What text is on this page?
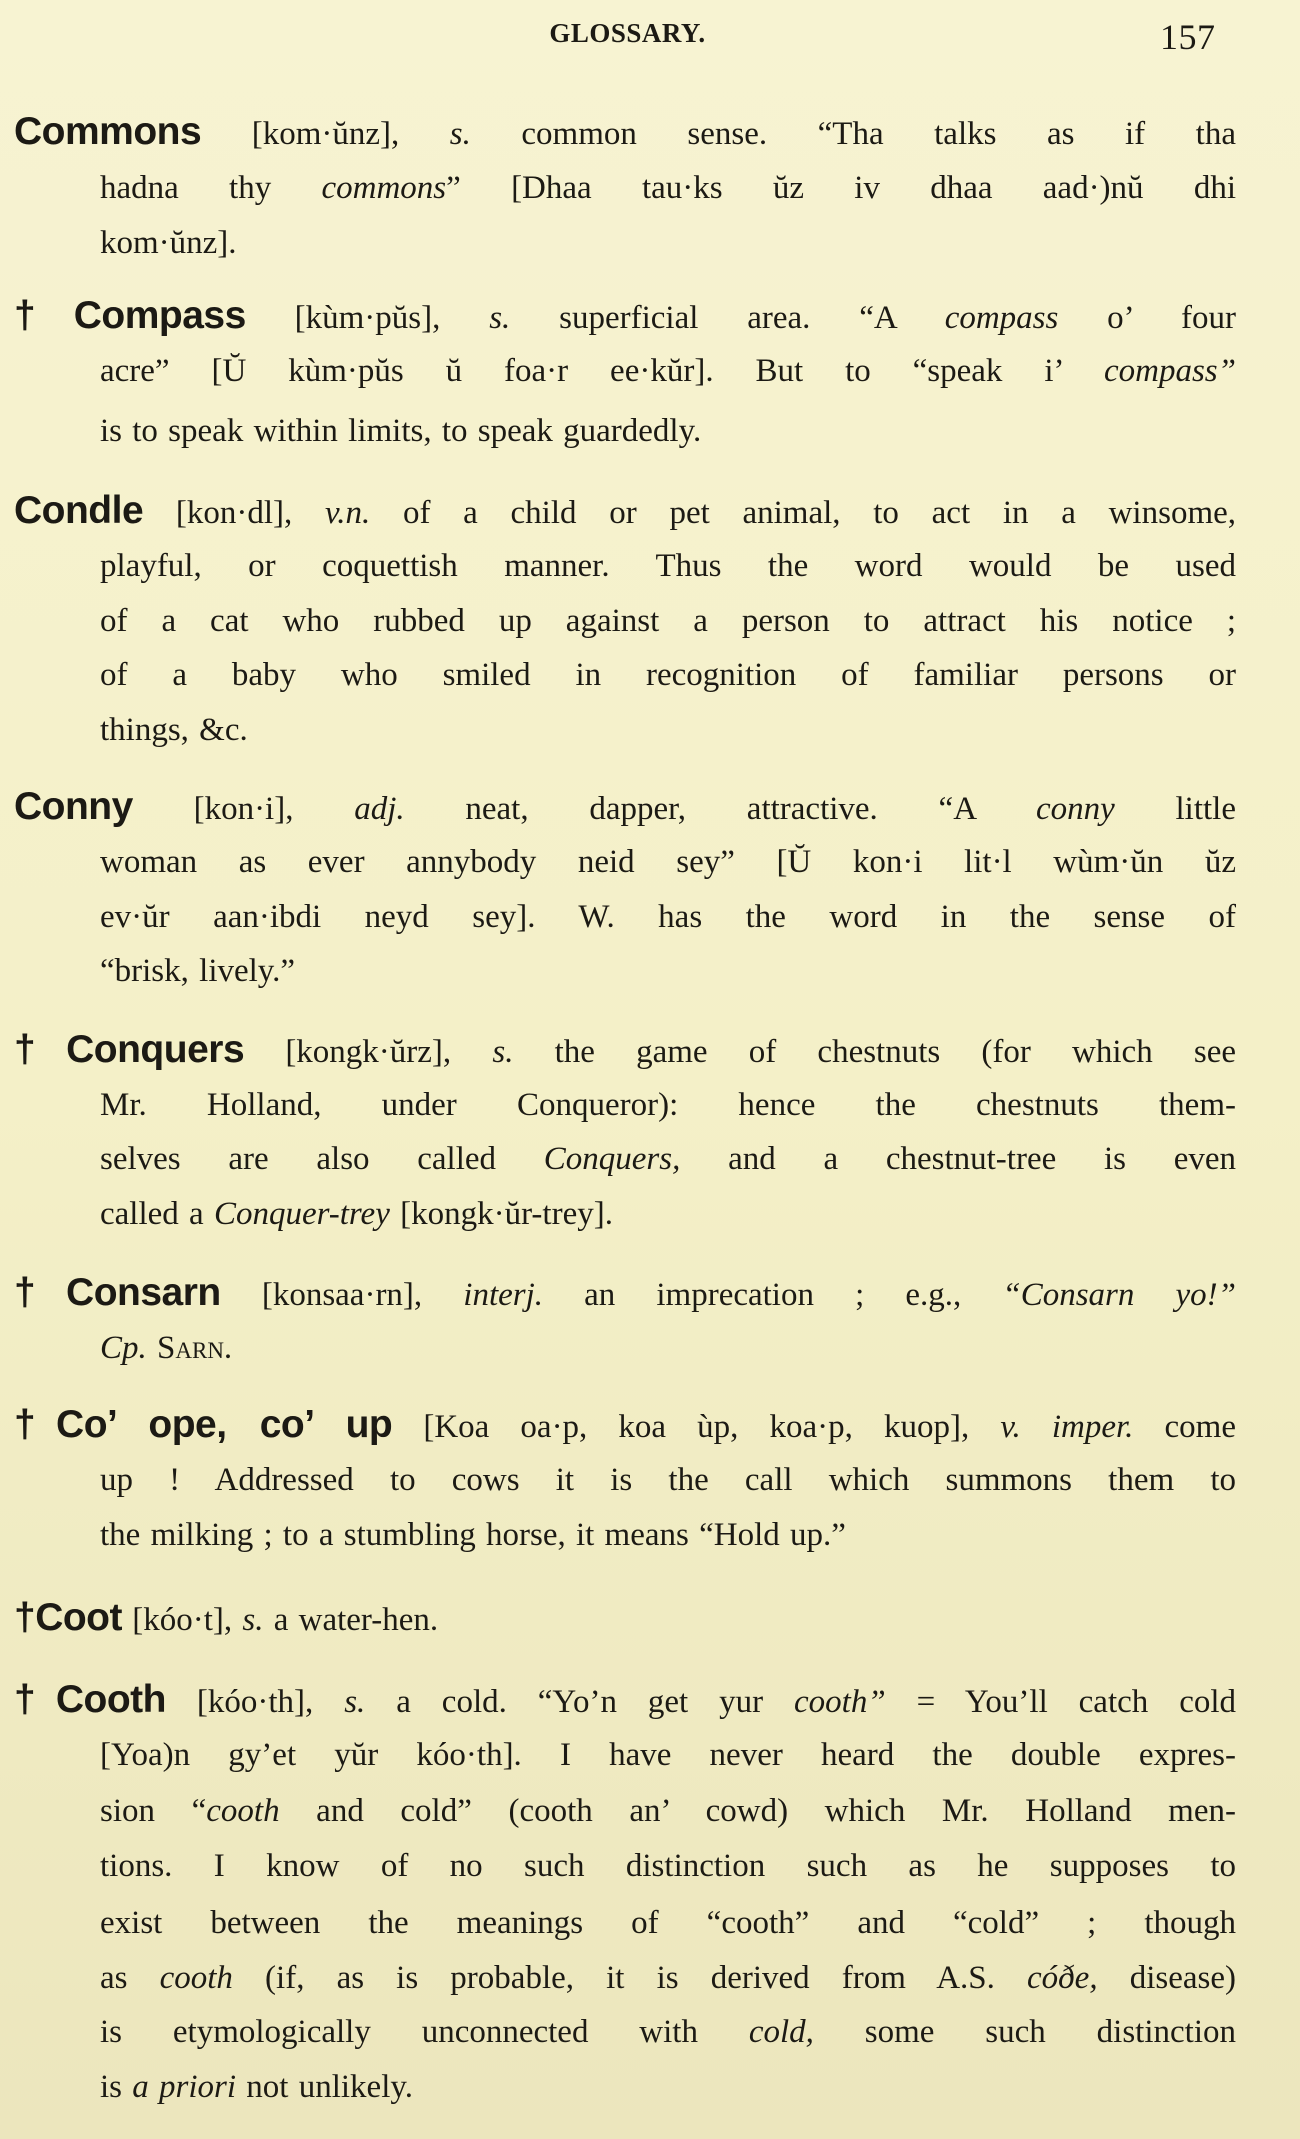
GLOSSARY.	157
Commons [kom·ŭnz], s. common sense. “Tha talks as if tha
hadna thy commons” [Dhaa tau·ks ŭz iv dhaa aad·)nŭ dhi
kom·ŭnz].
†Compass [kùm·pŭs], s. superficial area. “A compass o’ four
acre” [Ŭ kùm·pŭs ŭ foa·r ee·kŭr]. But to “speak i’ compass”
is to speak within limits, to speak guardedly.
Condle [kon·dl], v.n. of a child or pet animal, to act in a winsome,
playful, or coquettish manner. Thus the word would be used
of a cat who rubbed up against a person to attract his notice ;
of a baby who smiled in recognition of familiar persons or
things, &c.
Conny [kon·i], adj. neat, dapper, attractive. “A conny little
woman as ever annybody neid sey” [Ŭ kon·i lit·l wùm·ŭn ŭz
ev·ŭr aan·ibdi neyd sey]. W. has the word in the sense of
“brisk, lively.”
†Conquers [kongk·ŭrz], s. the game of chestnuts (for which see
Mr. Holland, under Conqueror): hence the chestnuts them-
selves are also called Conquers, and a chestnut-tree is even
called a Conquer-trey [kongk·ŭr-trey].
†Consarn [konsaa·rn], interj. an imprecation ; e.g., “Consarn yo!”
Cp. Sarn.
†Co’ ope, co’ up [Koa oa·p, koa ùp, koa·p, kuop], v. imper. come
up ! Addressed to cows it is the call which summons them to
the milking ; to a stumbling horse, it means “Hold up.”
†Coot [kóo·t], s. a water-hen.
†Cooth [kóo·th], s. a cold. “Yo’n get yur cooth” = You’ll catch cold
[Yoa)n gy’et yŭr kóo·th]. I have never heard the double expres-
sion “cooth and cold” (cooth an’ cowd) which Mr. Holland men-
tions. I know of no such distinction such as he supposes to
exist between the meanings of “cooth” and “cold” ; though
as cooth (if, as is probable, it is derived from A.S. cóðe, disease)
is etymologically unconnected with cold, some such distinction
is a priori not unlikely.
